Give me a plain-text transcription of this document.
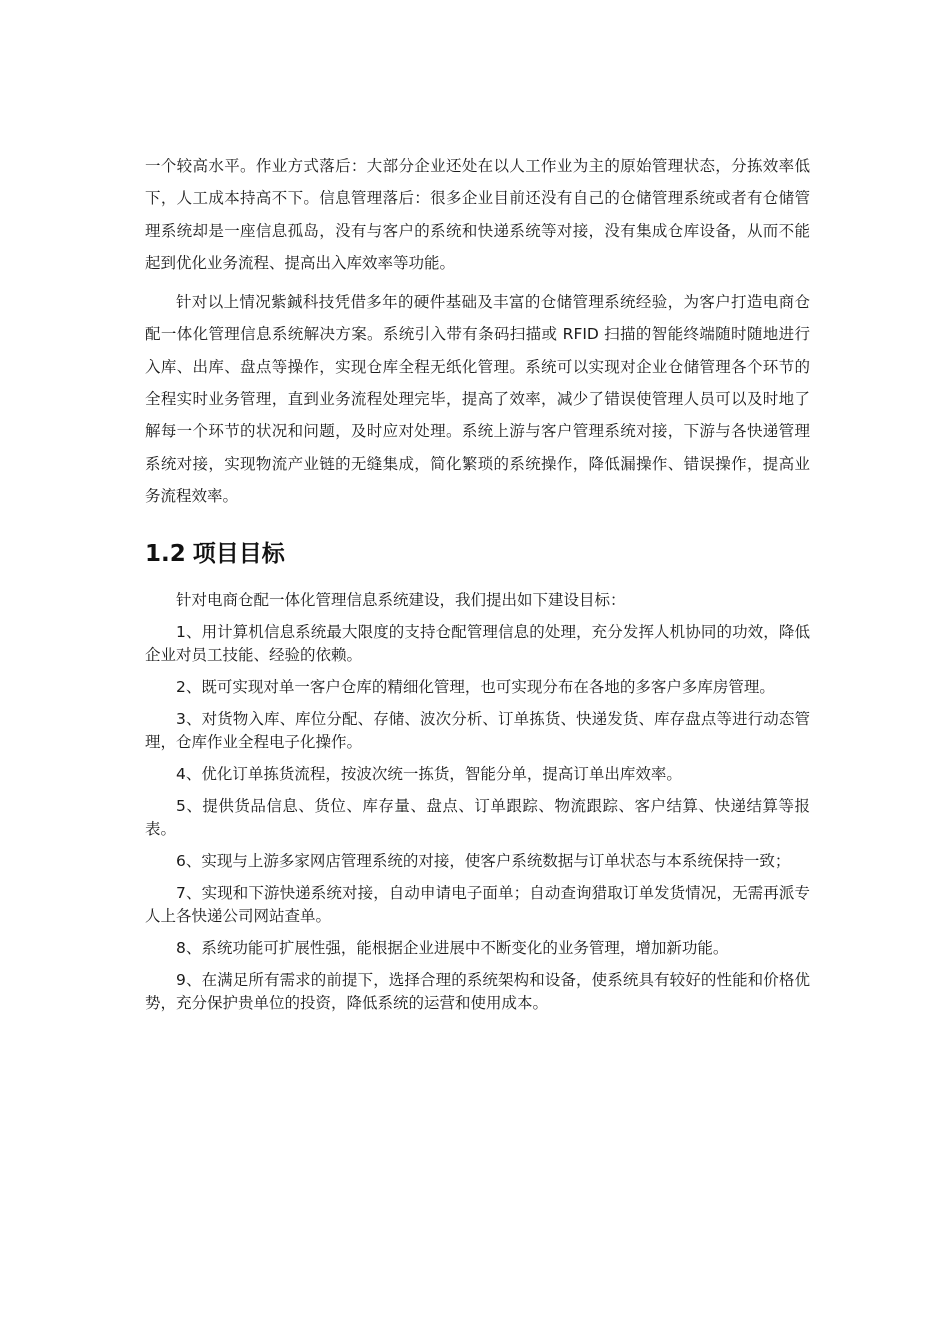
一个较高水平。作业方式落后：大部分企业还处在以人工作业为主的原始管理状态，分拣效率低下，人工成本持高不下。信息管理落后：很多企业目前还没有自己的仓储管理系统或者有仓储管理系统却是一座信息孤岛，没有与客户的系统和快递系统等对接，没有集成仓库设备，从而不能起到优化业务流程、提高出入库效率等功能。

针对以上情况紫鋮科技凭借多年的硬件基础及丰富的仓储管理系统经验，为客户打造电商仓配一体化管理信息系统解决方案。系统引入带有条码扫描或 RFID 扫描的智能终端随时随地进行入库、出库、盘点等操作，实现仓库全程无纸化管理。系统可以实现对企业仓储管理各个环节的全程实时业务管理，直到业务流程处理完毕，提高了效率，减少了错误使管理人员可以及时地了解每一个环节的状况和问题，及时应对处理。系统上游与客户管理系统对接，下游与各快递管理系统对接，实现物流产业链的无缝集成，简化繁琐的系统操作，降低漏操作、错误操作，提高业务流程效率。

1.2 项目目标

针对电商仓配一体化管理信息系统建设，我们提出如下建设目标：

1、用计算机信息系统最大限度的支持仓配管理信息的处理，充分发挥人机协同的功效，降低企业对员工技能、经验的依赖。

2、既可实现对单一客户仓库的精细化管理，也可实现分布在各地的多客户多库房管理。

3、对货物入库、库位分配、存储、波次分析、订单拣货、快递发货、库存盘点等进行动态管理，仓库作业全程电子化操作。

4、优化订单拣货流程，按波次统一拣货，智能分单，提高订单出库效率。

5、提供货品信息、货位、库存量、盘点、订单跟踪、物流跟踪、客户结算、快递结算等报表。

6、实现与上游多家网店管理系统的对接，使客户系统数据与订单状态与本系统保持一致；

7、实现和下游快递系统对接，自动申请电子面单；自动查询猎取订单发货情况，无需再派专人上各快递公司网站查单。

8、系统功能可扩展性强，能根据企业进展中不断变化的业务管理，增加新功能。

9、在满足所有需求的前提下，选择合理的系统架构和设备，使系统具有较好的性能和价格优势，充分保护贵单位的投资，降低系统的运营和使用成本。
